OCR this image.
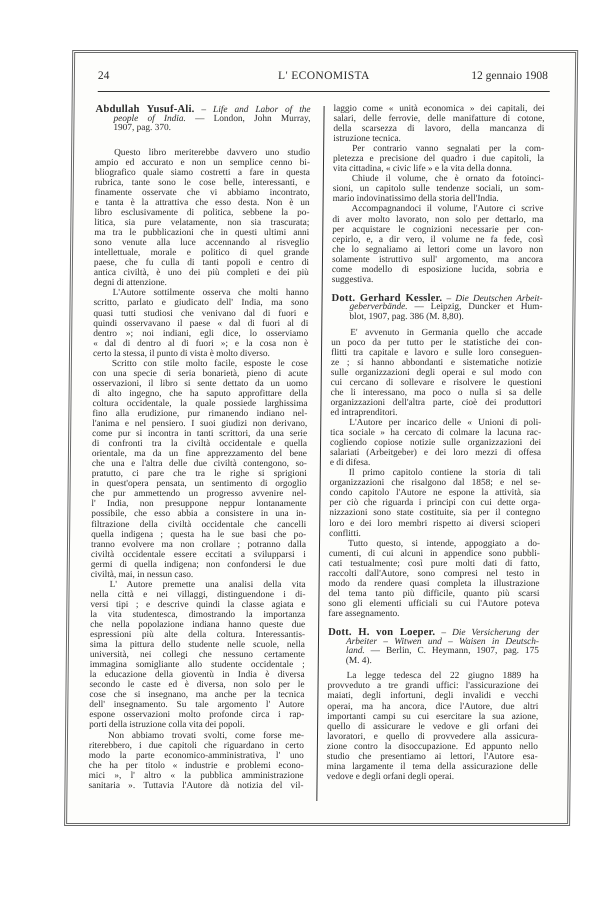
24	L' ECONOMISTA	12 gennaio 1908
Abdullah Yusuf-Ali. – Life and Labor of the
people of India. — London, John Murray,
1907, pag. 370.
Questo libro meriterebbe davvero uno studio
ampio ed accurato e non un semplice cenno bi-
bliografico quale siamo costretti a fare in questa
rubrica, tante sono le cose belle, interessanti, e
finamente osservate che vi abbiamo incontrato,
e tanta è la attrattiva che esso desta. Non è un
libro esclusivamente di politica, sebbene la po-
litica, sia pure velatamente, non sia trascurata;
ma tra le pubblicazioni che in questi ultimi anni
sono venute alla luce accennando al risveglio
intellettuale, morale e politico di quel grande
paese, che fu culla di tanti popoli e centro di
antica civiltà, è uno dei più completi e dei più
degni di attenzione.
L'Autore sottilmente osserva che molti hanno
scritto, parlato e giudicato dell' India, ma sono
quasi tutti studiosi che venivano dal di fuori e
quindi osservavano il paese « dal di fuori al di
dentro »; noi indiani, egli dice, lo osserviamo
« dal di dentro al di fuori »; e la cosa non è
certo la stessa, il punto di vista è molto diverso.
Scritto con stile molto facile, esposte le cose
con una specie di seria bonarietà, pieno di acute
osservazioni, il libro si sente dettato da un uomo
di alto ingegno, che ha saputo approfittare della
coltura occidentale, la quale possiede larghissima
fino alla erudizione, pur rimanendo indiano nel-
l'anima e nel pensiero. I suoi giudizi non derivano,
come pur si incontra in tanti scrittori, da una serie
di confronti tra la civiltà occidentale e quella
orientale, ma da un fine apprezzamento del bene
che una e l'altra delle due civiltà contengono, so-
pratutto, ci pare che tra le righe si sprigioni
in quest'opera pensata, un sentimento di orgoglio
che pur ammettendo un progresso avvenire nel-
l' India, non presuppone neppur lontanamente
possibile, che esso abbia a consistere in una in-
filtrazione della civiltà occidentale che cancelli
quella indigena ; questa ha le sue basi che po-
tranno evolvere ma non crollare ; potranno dalla
civiltà occidentale essere eccitati a svilupparsi i
germi di quella indigena; non confondersi le due
civiltà, mai, in nessun caso.
L' Autore premette una analisi della vita
nella città e nei villaggi, distinguendone i di-
versi tipi ; e descrive quindi la classe agiata e
la vita studentesca, dimostrando la importanza
che nella popolazione indiana hanno queste due
espressioni più alte della coltura. Interessantis-
sima la pittura dello studente nelle scuole, nella
università, nei collegi che nessuno certamente
immagina somigliante allo studente occidentale ;
la educazione della gioventù in India è diversa
secondo le caste ed è diversa, non solo per le
cose che si insegnano, ma anche per la tecnica
dell' insegnamento. Su tale argomento l' Autore
espone osservazioni molto profonde circa i rap-
porti della istruzione colla vita dei popoli.
Non abbiamo trovati svolti, come forse me-
riterebbero, i due capitoli che riguardano in certo
modo la parte economico-amministrativa, l' uno
che ha per titolo « industrie e problemi econo-
mici », l' altro « la pubblica amministrazione
sanitaria ». Tuttavia l'Autore dà notizia del vil-
laggio come « unità economica » dei capitali, dei
salari, delle ferrovie, delle manifatture di cotone,
della scarsezza di lavoro, della mancanza di
istruzione tecnica.
Per contrario vanno segnalati per la com-
pletezza e precisione del quadro i due capitoli, la
vita cittadina, « civic life » e la vita della donna.
Chiude il volume, che è ornato da fotoinci-
sioni, un capitolo sulle tendenze sociali, un som-
mario indovinatissimo della storia dell'India.
Accompagnandoci il volume, l'Autore ci scrive
di aver molto lavorato, non solo per dettarlo, ma
per acquistare le cognizioni necessarie per con-
cepirlo, e, a dir vero, il volume ne fa fede, così
che lo segnaliamo ai lettori come un lavoro non
solamente istruttivo sull' argomento, ma ancora
come modello di esposizione lucida, sobria e
suggestiva.
Dott. Gerhard Kessler. – Die Deutschen Arbeit-
geberverbände. — Leipzig, Duncker et Hum-
blot, 1907, pag. 386 (M. 8,80).
E' avvenuto in Germania quello che accade
un poco da per tutto per le statistiche dei con-
flitti tra capitale e lavoro e sulle loro conseguen-
ze ; si hanno abbondanti e sistematiche notizie
sulle organizzazioni degli operai e sul modo con
cui cercano di sollevare e risolvere le questioni
che li interessano, ma poco o nulla si sa delle
organizzazioni dell'altra parte, cioè dei produttori
ed intraprenditori.
L'Autore per incarico delle « Unioni di poli-
tica sociale » ha cercato di colmare la lacuna rac-
cogliendo copiose notizie sulle organizzazioni dei
salariati (Arbeitgeber) e dei loro mezzi di offesa
e di difesa.
Il primo capitolo contiene la storia di tali
organizzazioni che risalgono dal 1858; e nel se-
condo capitolo l'Autore ne espone la attività, sia
per ciò che riguarda i principi con cui dette orga-
nizzazioni sono state costituite, sia per il contegno
loro e dei loro membri rispetto ai diversi scioperi
conflitti.
Tutto questo, si intende, appoggiato a do-
cumenti, di cui alcuni in appendice sono pubbli-
cati testualmente; così pure molti dati di fatto,
raccolti dall'Autore, sono compresi nel testo in
modo da rendere quasi completa la illustrazione
del tema tanto più difficile, quanto più scarsi
sono gli elementi ufficiali su cui l'Autore poteva
fare assegnamento.
Dott. H. von Loeper. – Die Versicherung der
Arbeiter – Witwen und – Waisen in Deutsch-
land. — Berlin, C. Heymann, 1907, pag. 175
(M. 4).
La legge tedesca del 22 giugno 1889 ha
provveduto a tre grandi uffici: l'assicurazione dei
maiati, degli infortuni, degli invalidi e vecchi
operai, ma ha ancora, dice l'Autore, due altri
importanti campi su cui esercitare la sua azione,
quello di assicurare le vedove e gli orfani dei
lavoratori, e quello di provvedere alla assicura-
zione contro la disoccupazione. Ed appunto nello
studio che presentiamo ai lettori, l'Autore esa-
mina largamente il tema della assicurazione delle
vedove e degli orfani degli operai.
